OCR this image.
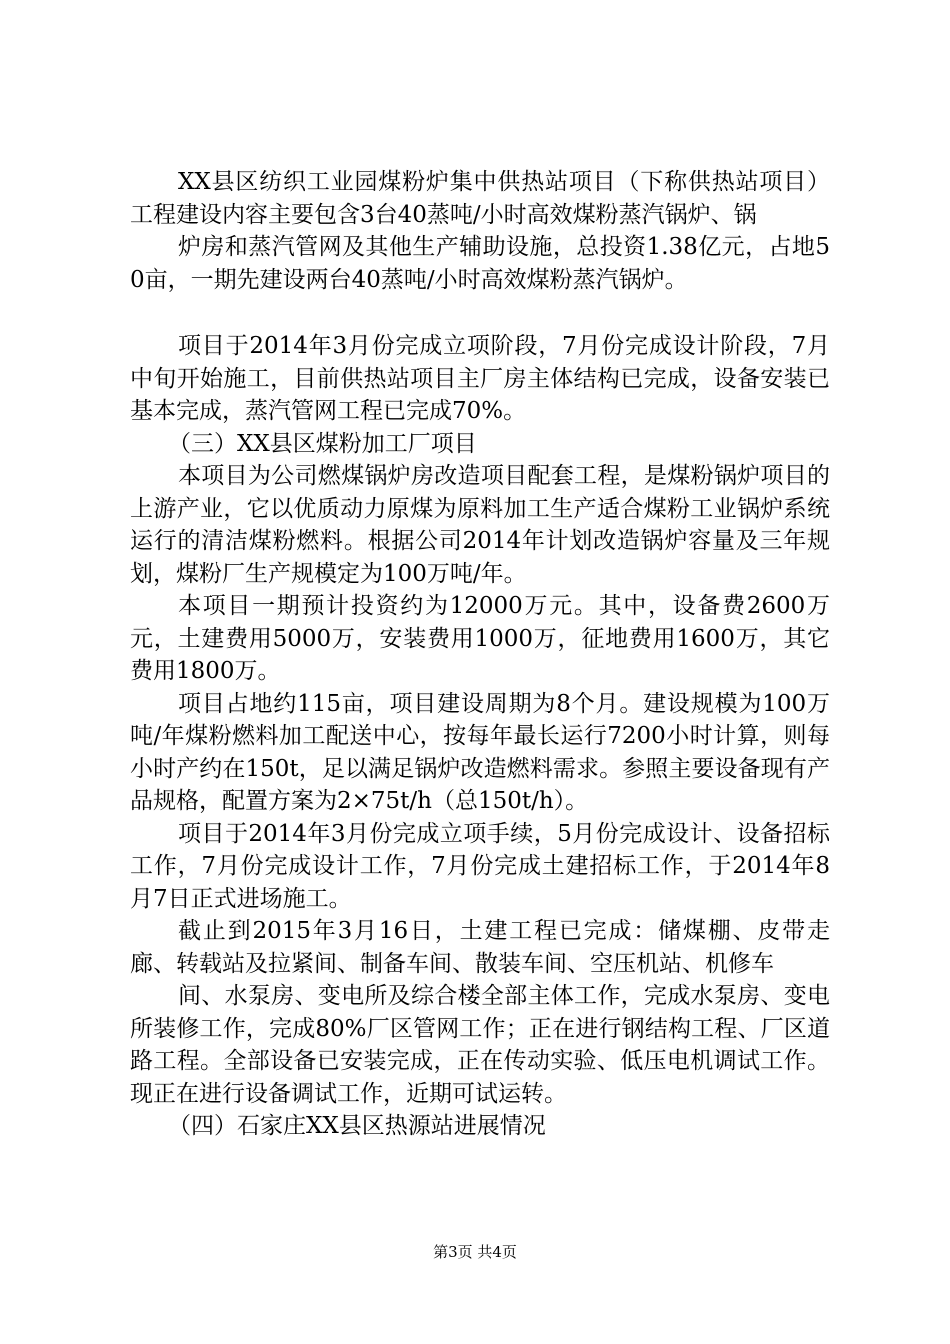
XX县区纺织工业园煤粉炉集中供热站项目（下称供热站项目）工程建设内容主要包含3台40蒸吨/小时高效煤粉蒸汽锅炉、锅

炉房和蒸汽管网及其他生产辅助设施，总投资1.38亿元，占地50亩，一期先建设两台40蒸吨/小时高效煤粉蒸汽锅炉。

项目于2014年3月份完成立项阶段，7月份完成设计阶段，7月中旬开始施工，目前供热站项目主厂房主体结构已完成，设备安装已基本完成，蒸汽管网工程已完成70%。

（三）XX县区煤粉加工厂项目

本项目为公司燃煤锅炉房改造项目配套工程，是煤粉锅炉项目的上游产业，它以优质动力原煤为原料加工生产适合煤粉工业锅炉系统运行的清洁煤粉燃料。根据公司2014年计划改造锅炉容量及三年规划，煤粉厂生产规模定为100万吨/年。

本项目一期预计投资约为12000万元。其中，设备费2600万元，土建费用5000万，安装费用1000万，征地费用1600万，其它费用1800万。

项目占地约115亩，项目建设周期为8个月。建设规模为100万吨/年煤粉燃料加工配送中心，按每年最长运行7200小时计算，则每小时产约在150t，足以满足锅炉改造燃料需求。参照主要设备现有产品规格，配置方案为2×75t/h（总150t/h）。

项目于2014年3月份完成立项手续，5月份完成设计、设备招标工作，7月份完成设计工作，7月份完成土建招标工作，于2014年8月7日正式进场施工。

截止到2015年3月16日，土建工程已完成：储煤棚、皮带走廊、转载站及拉紧间、制备车间、散装车间、空压机站、机修车

间、水泵房、变电所及综合楼全部主体工作，完成水泵房、变电所装修工作，完成80%厂区管网工作；正在进行钢结构工程、厂区道路工程。全部设备已安装完成，正在传动实验、低压电机调试工作。现正在进行设备调试工作，近期可试运转。

（四）石家庄XX县区热源站进展情况

第3页 共4页
